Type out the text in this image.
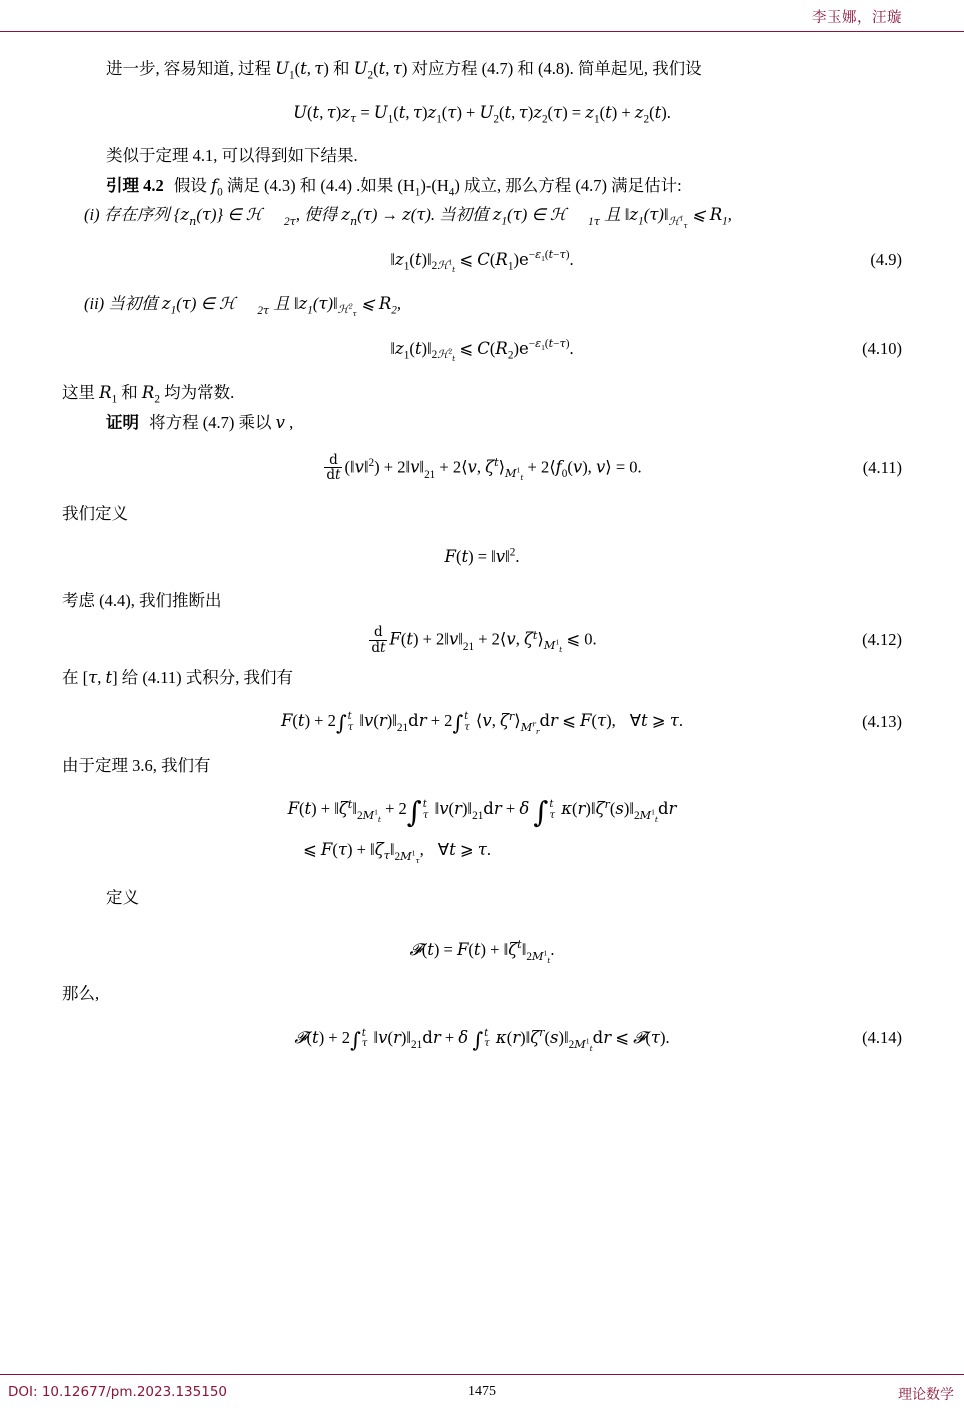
李玉娜，汪璇

进一步, 容易知道, 过程 $U_1(t$, τ) 和 $U_2(t$, τ) 对应方程 (4.7) 和 (4.8). 简单起见, 我们设

U(t, $\tau)z_\tau = U_1(t$, $\tau)z_1(\tau) + U_2(t$, $\tau)z_2(\tau) = z_1(t) + z_2(t)$.

类似于定理 4.1, 可以得到如下结果.

引理 4.2 假设 $f_0$ 满足 (4.3) 和 (4.4) .如果 $(H_1)-(H_4)$ 成立, 那么方程 (4.7) 满足估计:

(i) 存在序列 $\{z_n(\tau)\}$ ∈ ℋ 2τ, 使得 $z_n(\tau) \to z(\tau)$. 当初值 $z_1(\tau)$ ∈ ℋ 1τ 且 $‖z_1(\tau)‖_{ℋ^1_\tau}$ ⩽ $R_1$,

$‖z_1(t)‖2ℋ^1_t$ ⩽ $C(R_1)e^{-\varepsilon_1(t-\tau)}$.	(4.9)

(ii) 当初值 $z_1(\tau)$ ∈ ℋ 2τ 且 $‖z_1(\tau)‖_{ℋ^2_\tau}$ ⩽ $R_2$,

$‖z_1(t)‖2ℋ^2_t$ ⩽ $C(R_2)e^{-\varepsilon_1(t-\tau)}$.	(4.10)

这里 $R_1$ 和 $R_2$ 均为常数.

证明 将方程 (4.7) 乘以 v ,

$\frac{d}{dt}$ (‖v‖$^2$) + 2‖v‖21 + 2⟨v, $\zeta^t⟩_{M^1_t}$ + $2⟨f_0(v)$, v⟩ = 0.	(4.11)

我们定义

F(t) = ‖v‖$^2$.

考虑 (4.4), 我们推断出

$\frac{d}{dt} F(t)$ + 2‖v‖21 + 2⟨v, $\zeta^t⟩_{M^1_t}$ ⩽ 0.	(4.12)

在 [τ, t] 给 (4.11) 式积分, 我们有

F(t) + 2∫ t
τ ‖v(r)‖21dr + 2∫ t
τ ⟨v, $\zeta^r⟩_{M^r_r}dr$ ⩽ F(τ), ∀t ⩾ τ.	(4.13)

由于定理 3.6, 我们有

$F(t) + ‖\zeta^t‖2M^1_t + 2\int$ t
τ ‖v(r)‖21dr + δ ∫ t
τ $\kappa(r)‖\zeta^r(s)‖2M^1_tdr$
⩽ $F(\tau) + ‖\zeta_\tau‖2M^1_\tau$, ∀t ⩾ τ.

定义

𝓕(t) = $F(t) + ‖\zeta^t‖2M^1_t$.

那么,

𝓕(t) + 2∫ t
τ ‖v(r)‖21dr + δ ∫ t
τ $\kappa(r)‖\zeta^r(s)‖2M^1_tdr$ ⩽ 𝓕(τ).	(4.14)
DOI: 10.12677/pm.2023.135150	1475	理论数学
